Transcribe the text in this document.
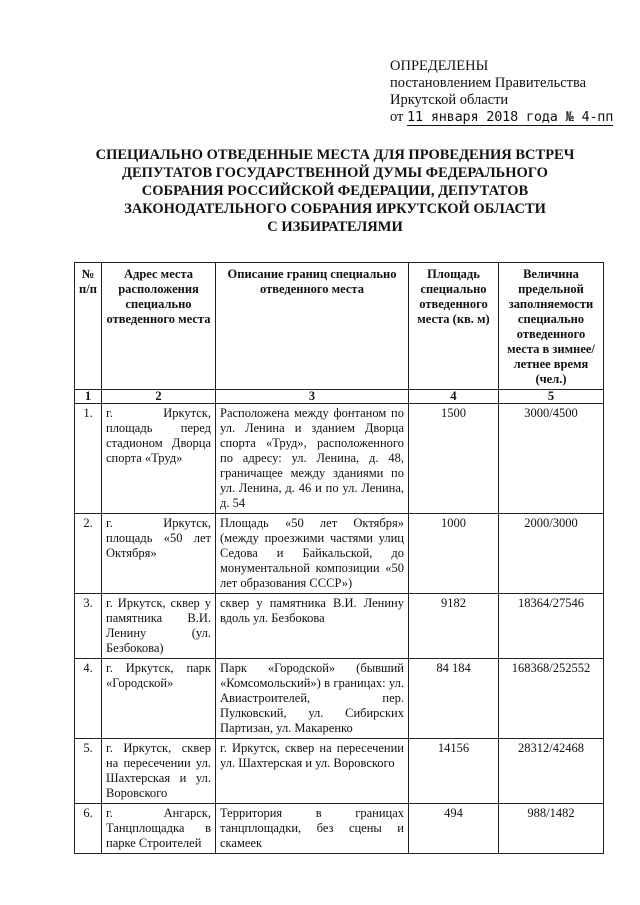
ОПРЕДЕЛЕНЫ
постановлением Правительства
Иркутской области
от 11 января 2018 года № 4-пп
СПЕЦИАЛЬНО ОТВЕДЕННЫЕ МЕСТА ДЛЯ ПРОВЕДЕНИЯ ВСТРЕЧ
ДЕПУТАТОВ ГОСУДАРСТВЕННОЙ ДУМЫ ФЕДЕРАЛЬНОГО
СОБРАНИЯ РОССИЙСКОЙ ФЕДЕРАЦИИ, ДЕПУТАТОВ
ЗАКОНОДАТЕЛЬНОГО СОБРАНИЯ ИРКУТСКОЙ ОБЛАСТИ
С ИЗБИРАТЕЛЯМИ
№ п/п	Адрес места расположения специально отведенного места	Описание границ специально отведенного места	Площадь специально отведенного места (кв. м)	Величина предельной заполняемости специально отведенного места в зимнее/летнее время (чел.)
1	2	3	4	5
1.	г. Иркутск, площадь перед стадионом Дворца спорта «Труд»	Расположена между фонтаном по ул. Ленина и зданием Дворца спорта «Труд», расположенного по адресу: ул. Ленина, д. 48, граничащее между зданиями по ул. Ленина, д. 46 и по ул. Ленина, д. 54	1500	3000/4500
2.	г. Иркутск, площадь «50 лет Октября»	Площадь «50 лет Октября» (между проезжими частями улиц Седова и Байкальской, до монументальной композиции «50 лет образования СССР»)	1000	2000/3000
3.	г. Иркутск, сквер у памятника В.И. Ленину (ул. Безбокова)	сквер у памятника В.И. Ленину вдоль ул. Безбокова	9182	18364/27546
4.	г. Иркутск, парк «Городской»	Парк «Городской» (бывший «Комсомольский») в границах: ул. Авиастроителей, пер. Пулковский, ул. Сибирских Партизан, ул. Макаренко	84 184	168368/252552
5.	г. Иркутск, сквер на пересечении ул. Шахтерская и ул. Воровского	г. Иркутск, сквер на пересечении ул. Шахтерская и ул. Воровского	14156	28312/42468
6.	г. Ангарск, Танцплощадка в парке Строителей	Территория в границах танцплощадки, без сцены и скамеек	494	988/1482
